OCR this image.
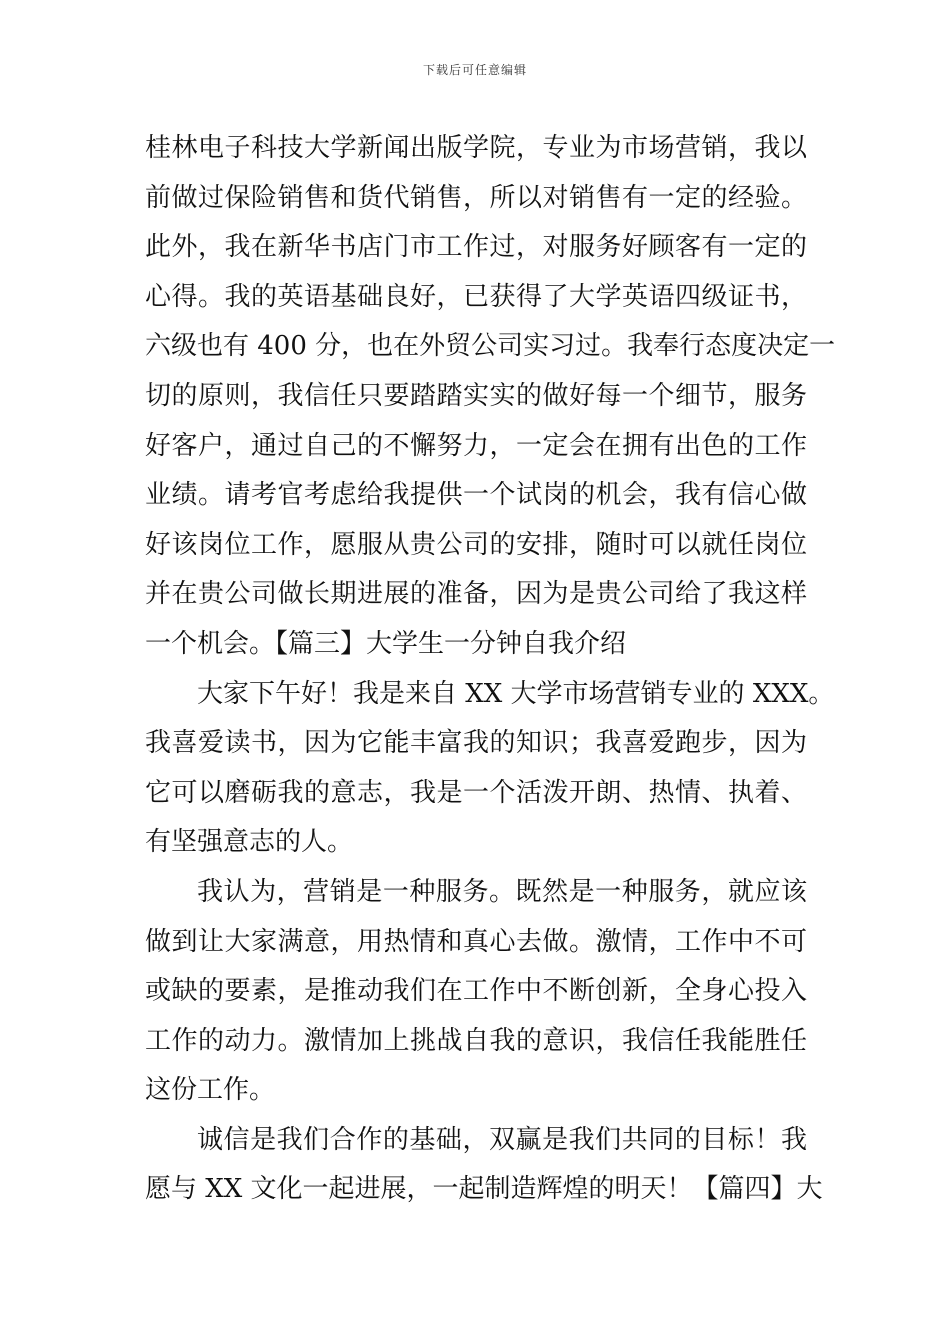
下载后可任意编辑
桂林电子科技大学新闻出版学院，专业为市场营销，我以
前做过保险销售和货代销售，所以对销售有一定的经验。
此外，我在新华书店门市工作过，对服务好顾客有一定的
心得。我的英语基础良好，已获得了大学英语四级证书，
六级也有 400 分，也在外贸公司实习过。我奉行态度决定一
切的原则，我信任只要踏踏实实的做好每一个细节，服务
好客户，通过自己的不懈努力，一定会在拥有出色的工作
业绩。请考官考虑给我提供一个试岗的机会，我有信心做
好该岗位工作，愿服从贵公司的安排，随时可以就任岗位
并在贵公司做长期进展的准备，因为是贵公司给了我这样
一个机会。【篇三】大学生一分钟自我介绍
大家下午好！我是来自 XX 大学市场营销专业的 XXX。
我喜爱读书，因为它能丰富我的知识；我喜爱跑步，因为
它可以磨砺我的意志，我是一个活泼开朗、热情、执着、
有坚强意志的人。
我认为，营销是一种服务。既然是一种服务，就应该
做到让大家满意，用热情和真心去做。激情，工作中不可
或缺的要素，是推动我们在工作中不断创新，全身心投入
工作的动力。激情加上挑战自我的意识，我信任我能胜任
这份工作。
诚信是我们合作的基础，双赢是我们共同的目标！我
愿与 XX 文化一起进展，一起制造辉煌的明天！【篇四】大
